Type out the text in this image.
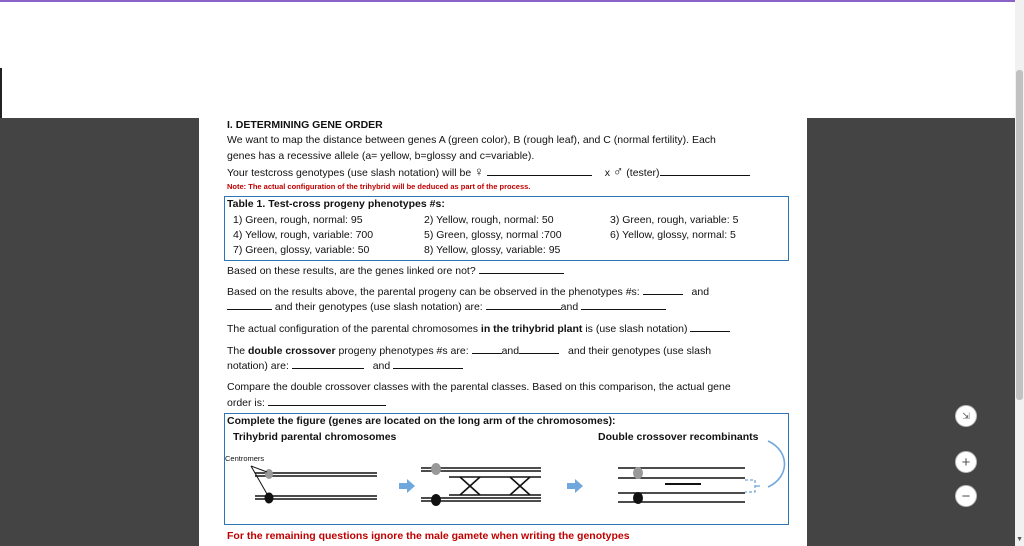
I. DETERMINING GENE ORDER
We want to map the distance between genes A (green color), B (rough leaf), and C (normal fertility). Each
genes has a recessive allele (a= yellow, b=glossy and c=variable).
Your testcross genotypes (use slash notation) will be ♀	x ♂ (tester)
Note: The actual configuration of the trihybrid will be deduced as part of the process.
Table 1. Test-cross progeny phenotypes #s:
1) Green, rough, normal: 95	2) Yellow, rough, normal: 50	3) Green, rough, variable: 5
4) Yellow, rough, variable: 700	5) Green, glossy, normal :700	6) Yellow, glossy, normal: 5
7) Green, glossy, variable: 50	8) Yellow, glossy, variable: 95
Based on these results, are the genes linked ore not?
Based on the results above, the parental progeny can be observed in the phenotypes #s:	and
and their genotypes (use slash notation) are:	and
The actual configuration of the parental chromosomes in the trihybrid plant is (use slash notation)
The double crossover progeny phenotypes #s are:	and	and their genotypes (use slash
notation) are:	and
Compare the double crossover classes with the parental classes. Based on this comparison, the actual gene
order is:
Complete the figure (genes are located on the long arm of the chromosomes):
Trihybrid parental chromosomes	Double crossover recombinants
Centromers
For the remaining questions ignore the male gamete when writing the genotypes
⇲
+
−
▼
